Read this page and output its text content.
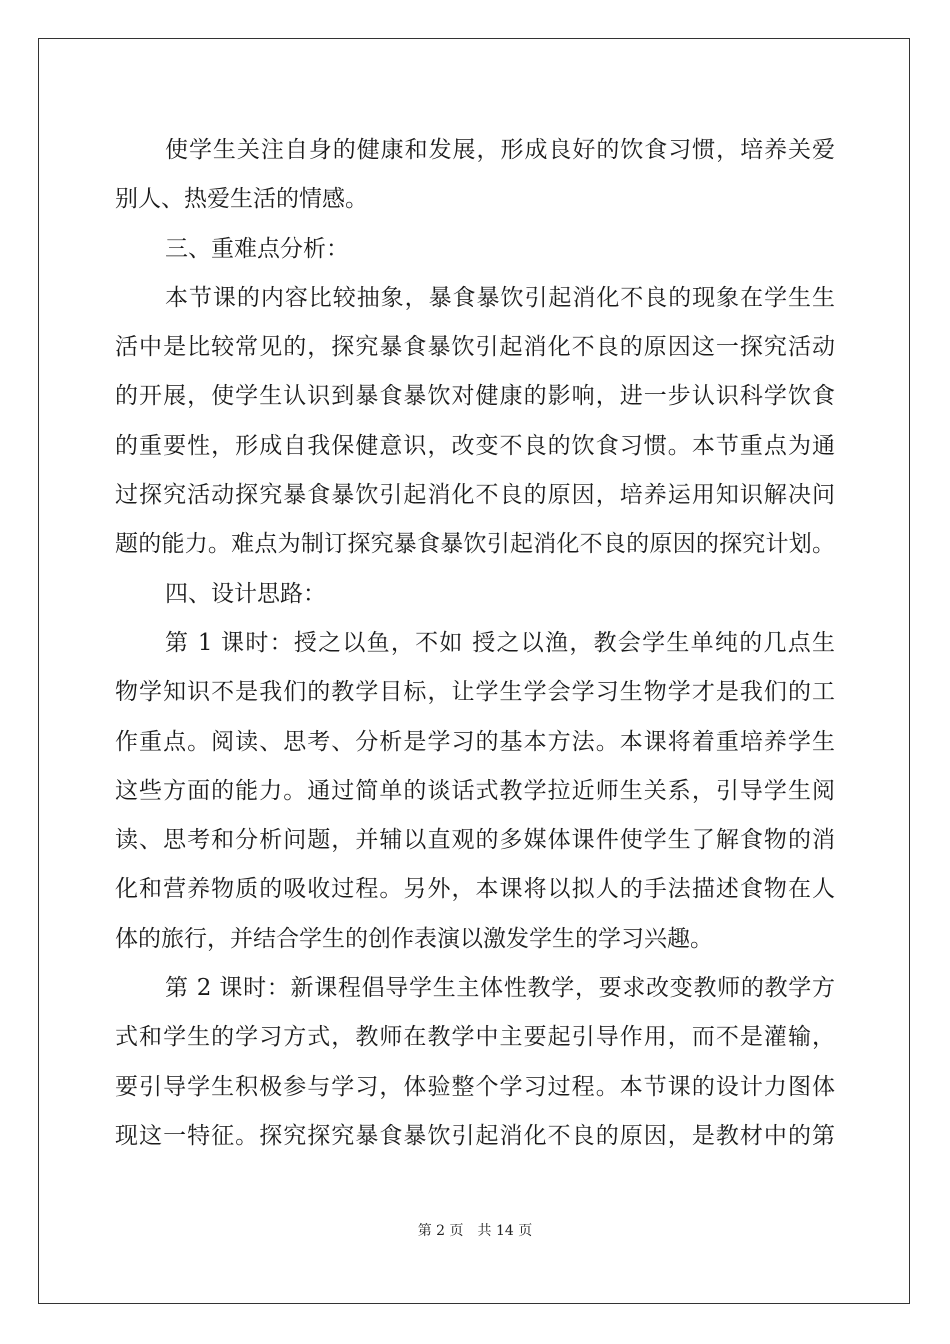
使学生关注自身的健康和发展，形成良好的饮食习惯，培养关爱
别人、热爱生活的情感。
三、重难点分析：
本节课的内容比较抽象，暴食暴饮引起消化不良的现象在学生生
活中是比较常见的，探究暴食暴饮引起消化不良的原因这一探究活动
的开展，使学生认识到暴食暴饮对健康的影响，进一步认识科学饮食
的重要性，形成自我保健意识，改变不良的饮食习惯。本节重点为通
过探究活动探究暴食暴饮引起消化不良的原因，培养运用知识解决问
题的能力。难点为制订探究暴食暴饮引起消化不良的原因的探究计划。
四、设计思路：
第 1 课时：授之以鱼，不如 授之以渔，教会学生单纯的几点生
物学知识不是我们的教学目标，让学生学会学习生物学才是我们的工
作重点。阅读、思考、分析是学习的基本方法。本课将着重培养学生
这些方面的能力。通过简单的谈话式教学拉近师生关系，引导学生阅
读、思考和分析问题，并辅以直观的多媒体课件使学生了解食物的消
化和营养物质的吸收过程。另外，本课将以拟人的手法描述食物在人
体的旅行，并结合学生的创作表演以激发学生的学习兴趣。
第 2 课时：新课程倡导学生主体性教学，要求改变教师的教学方
式和学生的学习方式，教师在教学中主要起引导作用，而不是灌输，
要引导学生积极参与学习，体验整个学习过程。本节课的设计力图体
现这一特征。探究探究暴食暴饮引起消化不良的原因，是教材中的第
第 2 页 共 14 页
